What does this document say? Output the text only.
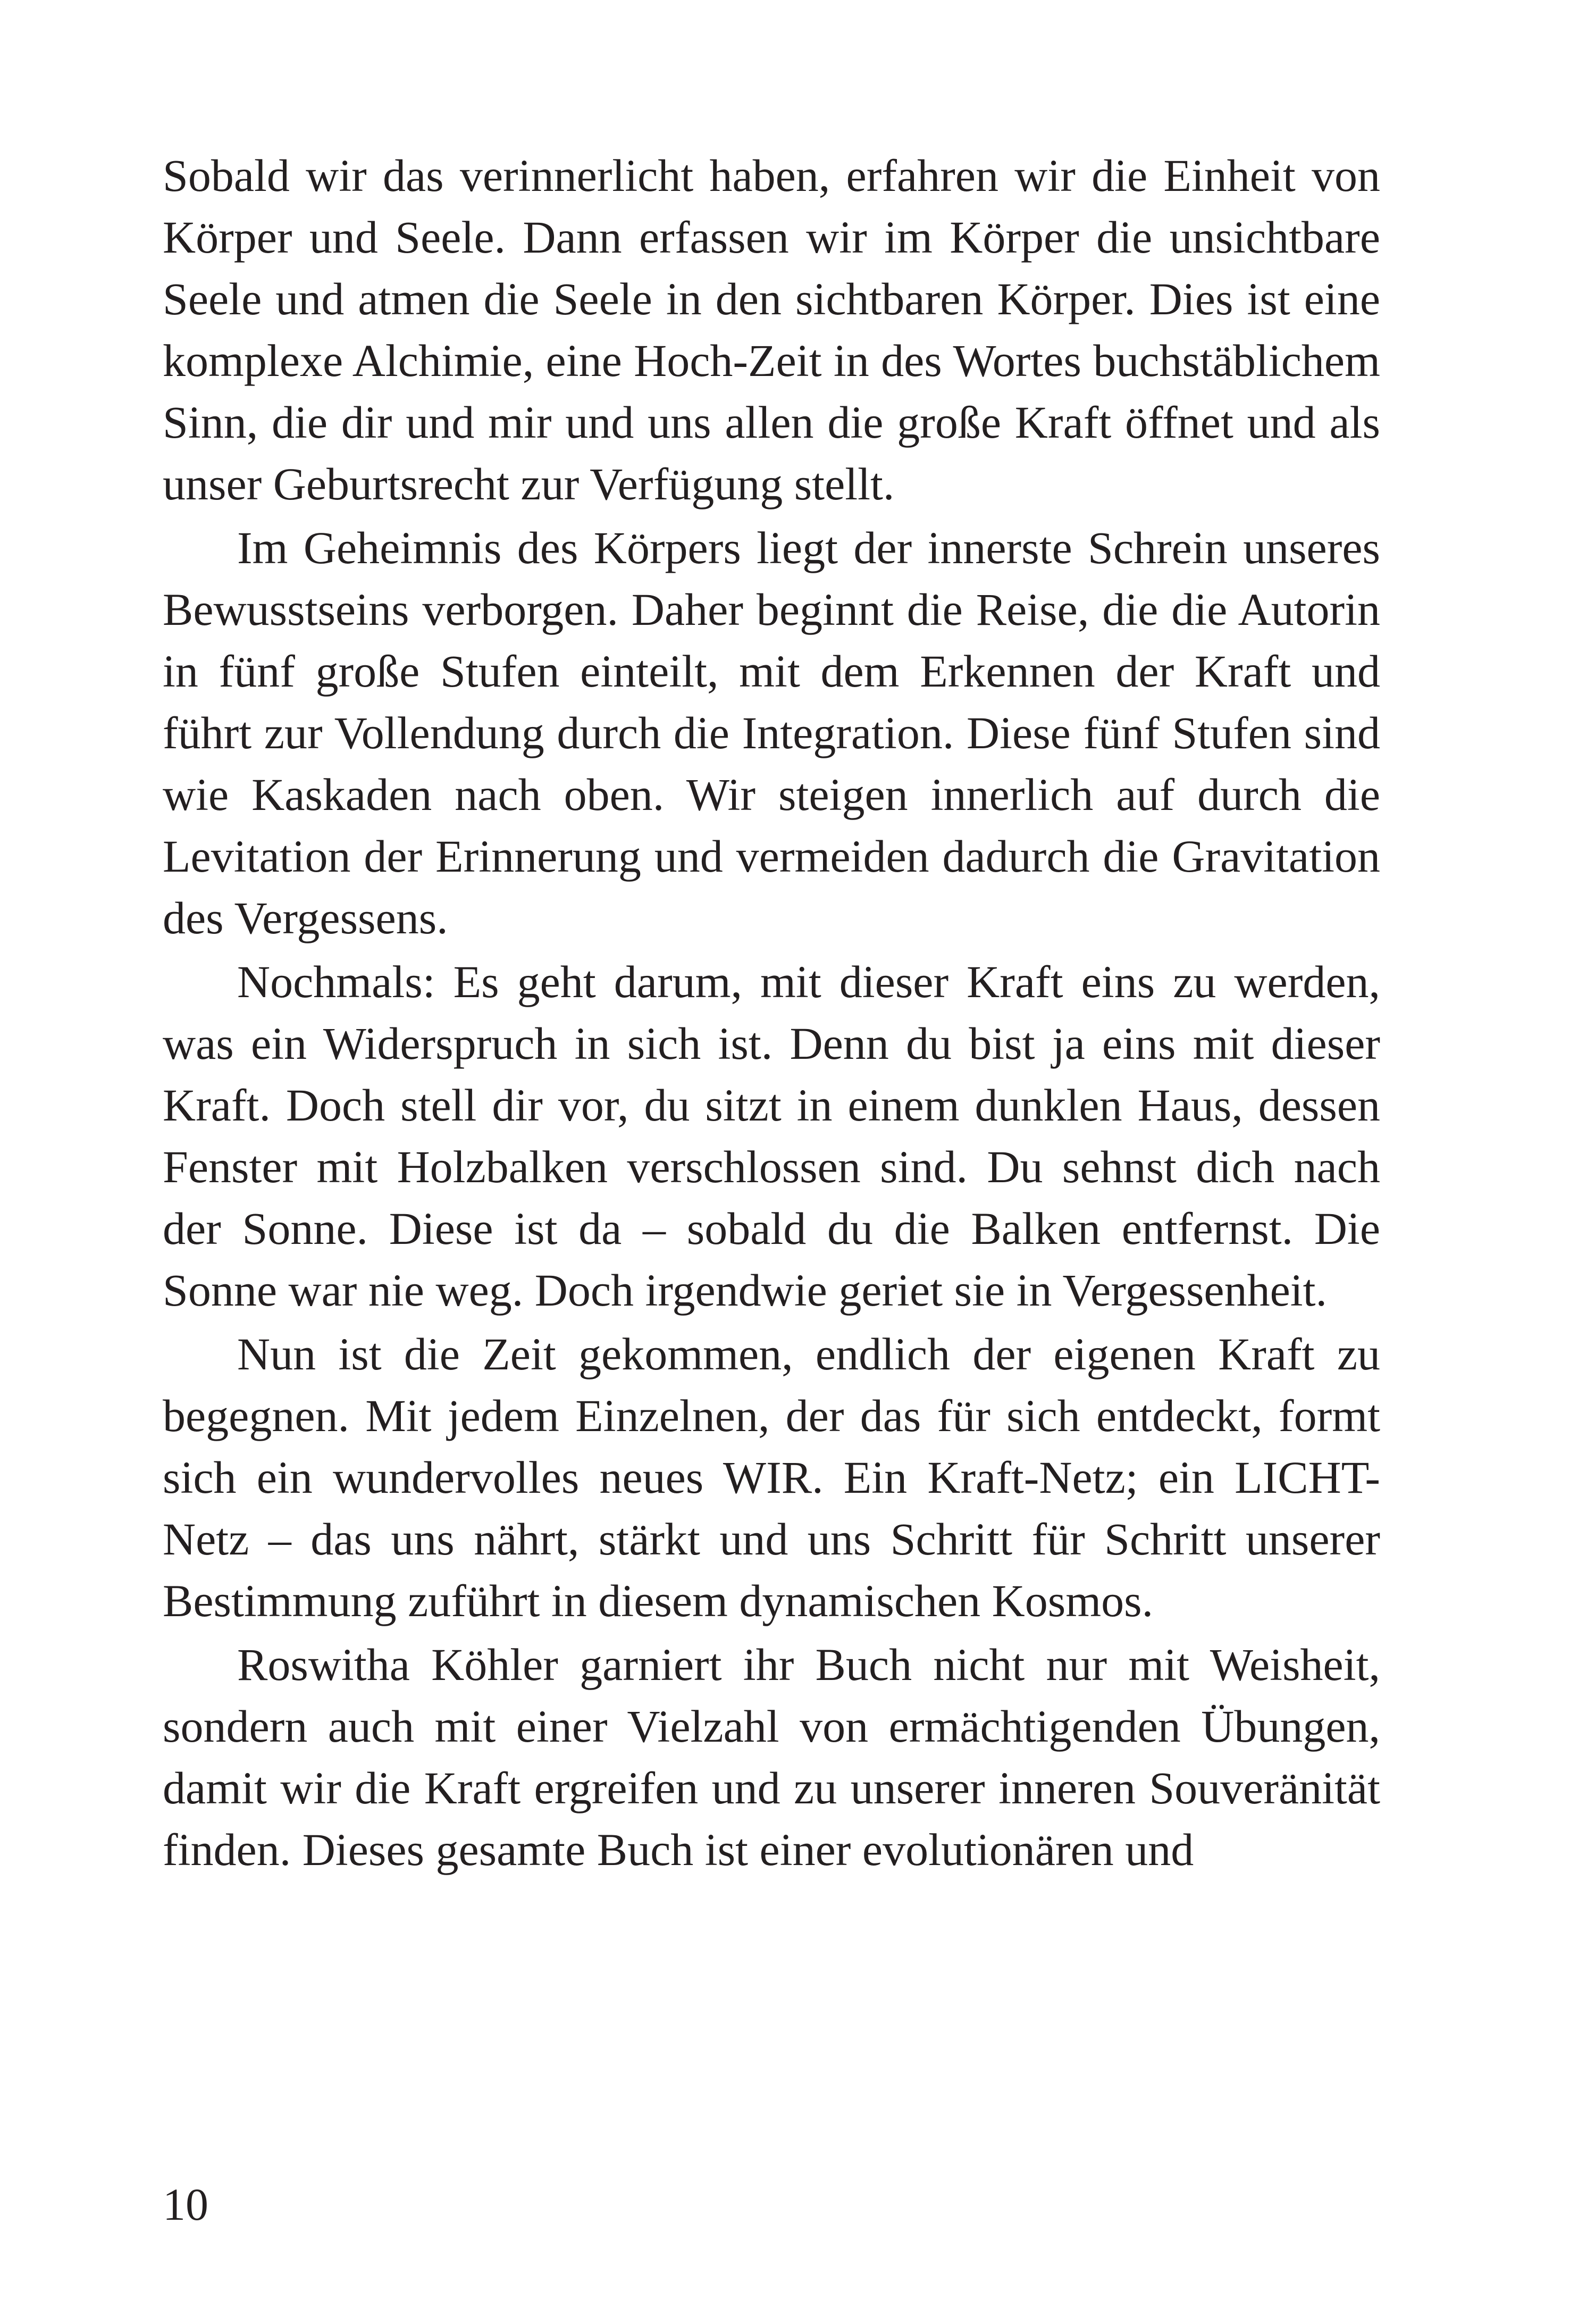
Sobald wir das verinnerlicht haben, erfahren wir die Einheit von Körper und Seele. Dann erfassen wir im Körper die unsichtbare Seele und atmen die Seele in den sichtbaren Körper. Dies ist eine komplexe Alchimie, eine Hoch-Zeit in des Wortes buchstäblichem Sinn, die dir und mir und uns allen die große Kraft öffnet und als unser Geburtsrecht zur Verfügung stellt.

Im Geheimnis des Körpers liegt der innerste Schrein unseres Bewusstseins verborgen. Daher beginnt die Reise, die die Autorin in fünf große Stufen einteilt, mit dem Erkennen der Kraft und führt zur Vollendung durch die Integration. Diese fünf Stufen sind wie Kaskaden nach oben. Wir steigen innerlich auf durch die Levitation der Erinnerung und vermeiden dadurch die Gravitation des Vergessens.

Nochmals: Es geht darum, mit dieser Kraft eins zu werden, was ein Widerspruch in sich ist. Denn du bist ja eins mit dieser Kraft. Doch stell dir vor, du sitzt in einem dunklen Haus, dessen Fenster mit Holzbalken verschlossen sind. Du sehnst dich nach der Sonne. Diese ist da – sobald du die Balken entfernst. Die Sonne war nie weg. Doch irgendwie geriet sie in Vergessenheit.

Nun ist die Zeit gekommen, endlich der eigenen Kraft zu begegnen. Mit jedem Einzelnen, der das für sich entdeckt, formt sich ein wundervolles neues WIR. Ein Kraft-Netz; ein LICHT-Netz – das uns nährt, stärkt und uns Schritt für Schritt unserer Bestimmung zuführt in diesem dynamischen Kosmos.

Roswitha Köhler garniert ihr Buch nicht nur mit Weisheit, sondern auch mit einer Vielzahl von ermächtigenden Übungen, damit wir die Kraft ergreifen und zu unserer inneren Souveränität finden. Dieses gesamte Buch ist einer evolutionären und

10
